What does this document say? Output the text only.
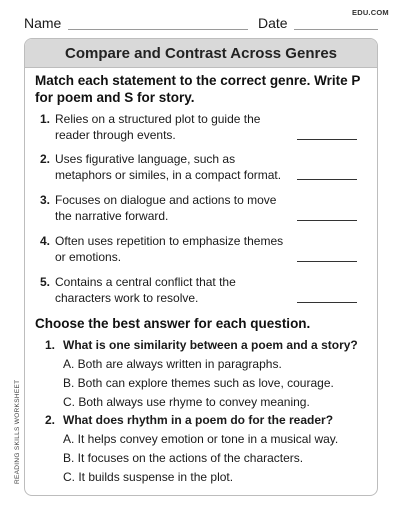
Name	Date
EDU.COM
Compare and Contrast Across Genres
Match each statement to the correct genre. Write P for poem and S for story.
1. Relies on a structured plot to guide the reader through events.
2. Uses figurative language, such as metaphors or similes, in a compact format.
3. Focuses on dialogue and actions to move the narrative forward.
4. Often uses repetition to emphasize themes or emotions.
5. Contains a central conflict that the characters work to resolve.
Choose the best answer for each question.
1. What is one similarity between a poem and a story?
A. Both are always written in paragraphs.
B. Both can explore themes such as love, courage.
C. Both always use rhyme to convey meaning.
2. What does rhythm in a poem do for the reader?
A. It helps convey emotion or tone in a musical way.
B. It focuses on the actions of the characters.
C. It builds suspense in the plot.
READING SKILLS WORKSHEET
